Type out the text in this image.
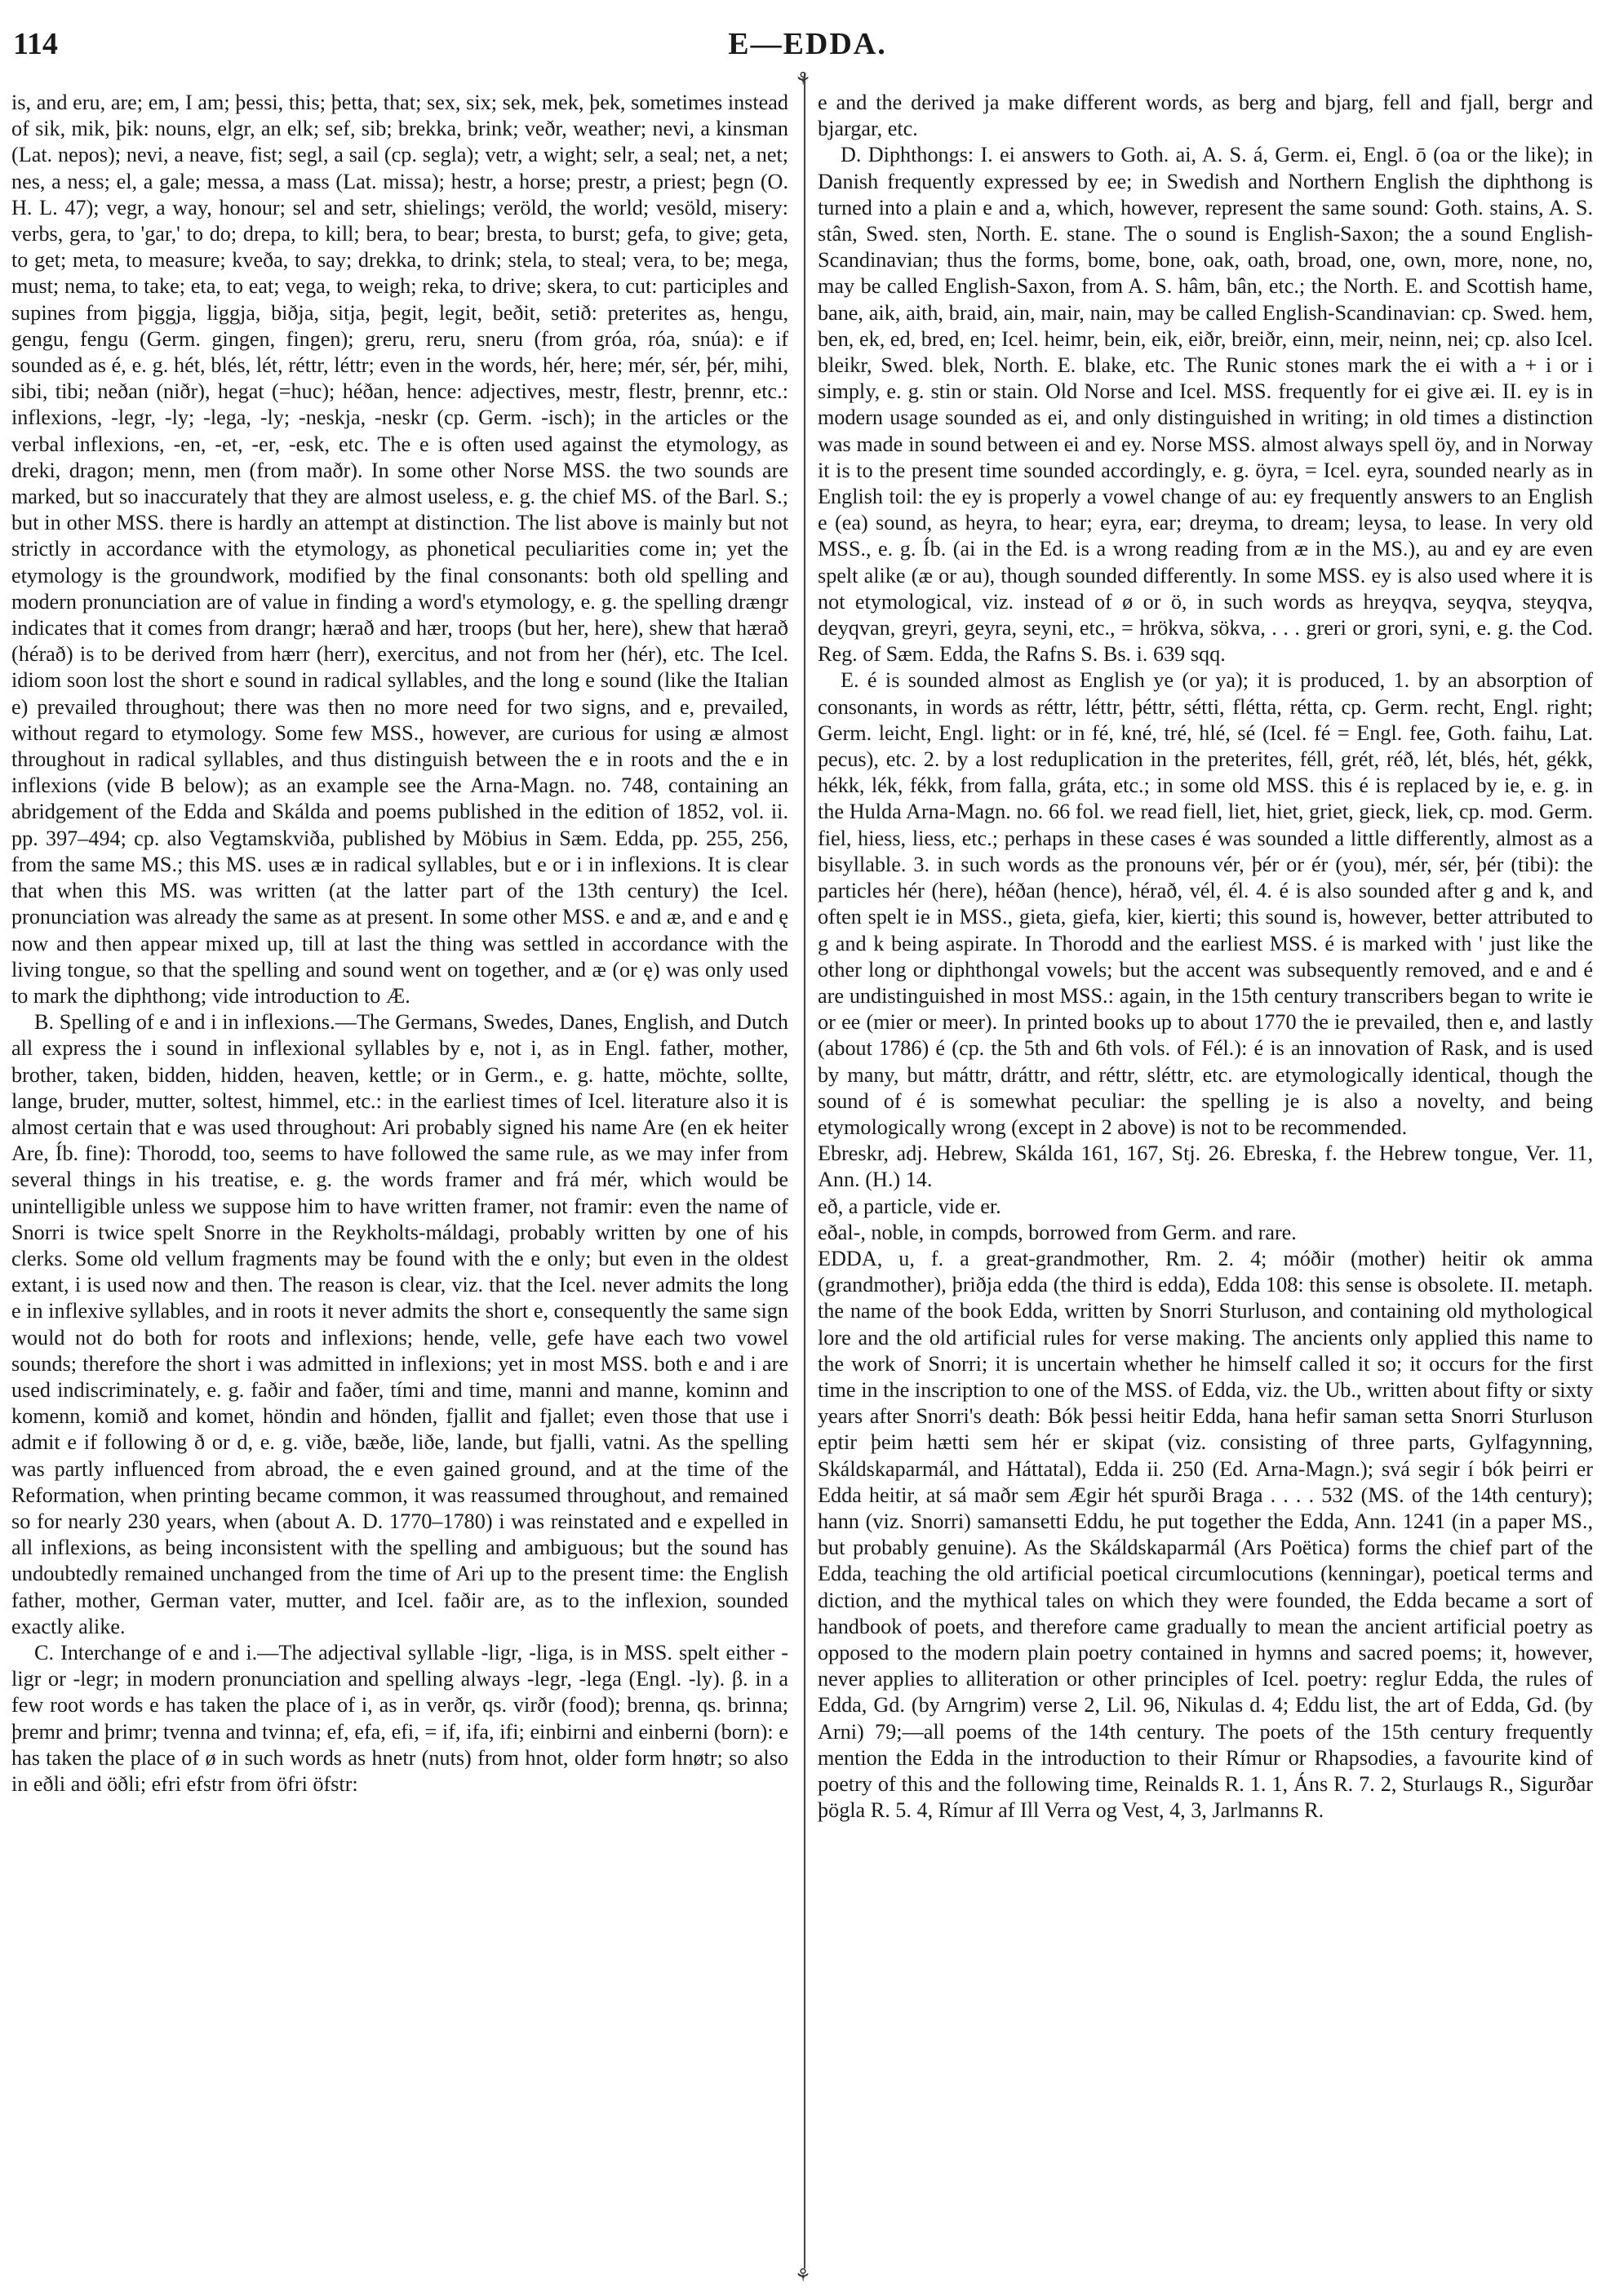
114	E—EDDA.
⚘
⚘

is, and eru, are; em, I am; þessi, this; þetta, that; sex, six; sek, mek, þek, sometimes instead of sik, mik, þik: nouns, elgr, an elk; sef, sib; brekka, brink; veðr, weather; nevi, a kinsman (Lat. nepos); nevi, a neave, fist; segl, a sail (cp. segla); vetr, a wight; selr, a seal; net, a net; nes, a ness; el, a gale; messa, a mass (Lat. missa); hestr, a horse; prestr, a priest; þegn (O. H. L. 47); vegr, a way, honour; sel and setr, shielings; veröld, the world; vesöld, misery: verbs, gera, to 'gar,' to do; drepa, to kill; bera, to bear; bresta, to burst; gefa, to give; geta, to get; meta, to measure; kveða, to say; drekka, to drink; stela, to steal; vera, to be; mega, must; nema, to take; eta, to eat; vega, to weigh; reka, to drive; skera, to cut: participles and supines from þiggja, liggja, biðja, sitja, þegit, legit, beðit, setið: preterites as, hengu, gengu, fengu (Germ. gingen, fingen); greru, reru, sneru (from gróa, róa, snúa): e if sounded as é, e. g. hét, blés, lét, réttr, léttr; even in the words, hér, here; mér, sér, þér, mihi, sibi, tibi; neðan (niðr), hegat (=huc); héðan, hence: adjectives, mestr, flestr, þrennr, etc.: inflexions, -legr, -ly; -lega, -ly; -neskja, -neskr (cp. Germ. -isch); in the articles or the verbal inflexions, -en, -et, -er, -esk, etc. The e is often used against the etymology, as dreki, dragon; menn, men (from maðr). In some other Norse MSS. the two sounds are marked, but so inaccurately that they are almost useless, e. g. the chief MS. of the Barl. S.; but in other MSS. there is hardly an attempt at distinction. The list above is mainly but not strictly in accordance with the etymology, as phonetical peculiarities come in; yet the etymology is the groundwork, modified by the final consonants: both old spelling and modern pronunciation are of value in finding a word's etymology, e. g. the spelling drængr indicates that it comes from drangr; hærað and hær, troops (but her, here), shew that hærað (hérað) is to be derived from hærr (herr), exercitus, and not from her (hér), etc. The Icel. idiom soon lost the short e sound in radical syllables, and the long e sound (like the Italian e) prevailed throughout; there was then no more need for two signs, and e, prevailed, without regard to etymology. Some few MSS., however, are curious for using æ almost throughout in radical syllables, and thus distinguish between the e in roots and the e in inflexions (vide B below); as an example see the Arna-Magn. no. 748, containing an abridgement of the Edda and Skálda and poems published in the edition of 1852, vol. ii. pp. 397–494; cp. also Vegtamskviða, published by Möbius in Sæm. Edda, pp. 255, 256, from the same MS.; this MS. uses æ in radical syllables, but e or i in inflexions. It is clear that when this MS. was written (at the latter part of the 13th century) the Icel. pronunciation was already the same as at present. In some other MSS. e and æ, and e and ę now and then appear mixed up, till at last the thing was settled in accordance with the living tongue, so that the spelling and sound went on together, and æ (or ę) was only used to mark the diphthong; vide introduction to Æ.

B. Spelling of e and i in inflexions.—The Germans, Swedes, Danes, English, and Dutch all express the i sound in inflexional syllables by e, not i, as in Engl. father, mother, brother, taken, bidden, hidden, heaven, kettle; or in Germ., e. g. hatte, möchte, sollte, lange, bruder, mutter, soltest, himmel, etc.: in the earliest times of Icel. literature also it is almost certain that e was used throughout: Ari probably signed his name Are (en ek heiter Are, Íb. fine): Thorodd, too, seems to have followed the same rule, as we may infer from several things in his treatise, e. g. the words framer and frá mér, which would be unintelligible unless we suppose him to have written framer, not framir: even the name of Snorri is twice spelt Snorre in the Reykholts-máldagi, probably written by one of his clerks. Some old vellum fragments may be found with the e only; but even in the oldest extant, i is used now and then. The reason is clear, viz. that the Icel. never admits the long e in inflexive syllables, and in roots it never admits the short e, consequently the same sign would not do both for roots and inflexions; hende, velle, gefe have each two vowel sounds; therefore the short i was admitted in inflexions; yet in most MSS. both e and i are used indiscriminately, e. g. faðir and faðer, tími and time, manni and manne, kominn and komenn, komið and komet, höndin and hönden, fjallit and fjallet; even those that use i admit e if following ð or d, e. g. viðe, bæðe, liðe, lande, but fjalli, vatni. As the spelling was partly influenced from abroad, the e even gained ground, and at the time of the Reformation, when printing became common, it was reassumed throughout, and remained so for nearly 230 years, when (about A. D. 1770–1780) i was reinstated and e expelled in all inflexions, as being inconsistent with the spelling and ambiguous; but the sound has undoubtedly remained unchanged from the time of Ari up to the present time: the English father, mother, German vater, mutter, and Icel. faðir are, as to the inflexion, sounded exactly alike.

C. Interchange of e and i.—The adjectival syllable -ligr, -liga, is in MSS. spelt either -ligr or -legr; in modern pronunciation and spelling always -legr, -lega (Engl. -ly). β. in a few root words e has taken the place of i, as in verðr, qs. virðr (food); brenna, qs. brinna; þremr and þrimr; tvenna and tvinna; ef, efa, efi, = if, ifa, ifi; einbirni and einberni (born): e has taken the place of ø in such words as hnetr (nuts) from hnot, older form hnøtr; so also in eðli and öðli; efri efstr from öfri öfstr:

e and the derived ja make different words, as berg and bjarg, fell and fjall, bergr and bjargar, etc.

D. Diphthongs: I. ei answers to Goth. ai, A. S. á, Germ. ei, Engl. ō (oa or the like); in Danish frequently expressed by ee; in Swedish and Northern English the diphthong is turned into a plain e and a, which, however, represent the same sound: Goth. stains, A. S. stân, Swed. sten, North. E. stane. The o sound is English-Saxon; the a sound English-Scandinavian; thus the forms, bome, bone, oak, oath, broad, one, own, more, none, no, may be called English-Saxon, from A. S. hâm, bân, etc.; the North. E. and Scottish hame, bane, aik, aith, braid, ain, mair, nain, may be called English-Scandinavian: cp. Swed. hem, ben, ek, ed, bred, en; Icel. heimr, bein, eik, eiðr, breiðr, einn, meir, neinn, nei; cp. also Icel. bleikr, Swed. blek, North. E. blake, etc. The Runic stones mark the ei with a + i or i simply, e. g. stin or stain. Old Norse and Icel. MSS. frequently for ei give æi. II. ey is in modern usage sounded as ei, and only distinguished in writing; in old times a distinction was made in sound between ei and ey. Norse MSS. almost always spell öy, and in Norway it is to the present time sounded accordingly, e. g. öyra, = Icel. eyra, sounded nearly as in English toil: the ey is properly a vowel change of au: ey frequently answers to an English e (ea) sound, as heyra, to hear; eyra, ear; dreyma, to dream; leysa, to lease. In very old MSS., e. g. Íb. (ai in the Ed. is a wrong reading from æ in the MS.), au and ey are even spelt alike (æ or au), though sounded differently. In some MSS. ey is also used where it is not etymological, viz. instead of ø or ö, in such words as hreyqva, seyqva, steyqva, deyqvan, greyri, geyra, seyni, etc., = hrökva, sökva, . . . greri or grori, syni, e. g. the Cod. Reg. of Sæm. Edda, the Rafns S. Bs. i. 639 sqq.

E. é is sounded almost as English ye (or ya); it is produced, 1. by an absorption of consonants, in words as réttr, léttr, þéttr, sétti, flétta, rétta, cp. Germ. recht, Engl. right; Germ. leicht, Engl. light: or in fé, kné, tré, hlé, sé (Icel. fé = Engl. fee, Goth. faihu, Lat. pecus), etc. 2. by a lost reduplication in the preterites, féll, grét, réð, lét, blés, hét, gékk, hékk, lék, fékk, from falla, gráta, etc.; in some old MSS. this é is replaced by ie, e. g. in the Hulda Arna-Magn. no. 66 fol. we read fiell, liet, hiet, griet, gieck, liek, cp. mod. Germ. fiel, hiess, liess, etc.; perhaps in these cases é was sounded a little differently, almost as a bisyllable. 3. in such words as the pronouns vér, þér or ér (you), mér, sér, þér (tibi): the particles hér (here), héðan (hence), hérað, vél, él. 4. é is also sounded after g and k, and often spelt ie in MSS., gieta, giefa, kier, kierti; this sound is, however, better attributed to g and k being aspirate. In Thorodd and the earliest MSS. é is marked with ' just like the other long or diphthongal vowels; but the accent was subsequently removed, and e and é are undistinguished in most MSS.: again, in the 15th century transcribers began to write ie or ee (mier or meer). In printed books up to about 1770 the ie prevailed, then e, and lastly (about 1786) é (cp. the 5th and 6th vols. of Fél.): é is an innovation of Rask, and is used by many, but máttr, dráttr, and réttr, sléttr, etc. are etymologically identical, though the sound of é is somewhat peculiar: the spelling je is also a novelty, and being etymologically wrong (except in 2 above) is not to be recommended.

Ebreskr, adj. Hebrew, Skálda 161, 167, Stj. 26. Ebreska, f. the Hebrew tongue, Ver. 11, Ann. (H.) 14.

eð, a particle, vide er.

eðal-, noble, in compds, borrowed from Germ. and rare.

EDDA, u, f. a great-grandmother, Rm. 2. 4; móðir (mother) heitir ok amma (grandmother), þriðja edda (the third is edda), Edda 108: this sense is obsolete. II. metaph. the name of the book Edda, written by Snorri Sturluson, and containing old mythological lore and the old artificial rules for verse making. The ancients only applied this name to the work of Snorri; it is uncertain whether he himself called it so; it occurs for the first time in the inscription to one of the MSS. of Edda, viz. the Ub., written about fifty or sixty years after Snorri's death: Bók þessi heitir Edda, hana hefir saman setta Snorri Sturluson eptir þeim hætti sem hér er skipat (viz. consisting of three parts, Gylfagynning, Skáldskaparmál, and Háttatal), Edda ii. 250 (Ed. Arna-Magn.); svá segir í bók þeirri er Edda heitir, at sá maðr sem Ægir hét spurði Braga . . . . 532 (MS. of the 14th century); hann (viz. Snorri) samansetti Eddu, he put together the Edda, Ann. 1241 (in a paper MS., but probably genuine). As the Skáldskaparmál (Ars Poëtica) forms the chief part of the Edda, teaching the old artificial poetical circumlocutions (kenningar), poetical terms and diction, and the mythical tales on which they were founded, the Edda became a sort of handbook of poets, and therefore came gradually to mean the ancient artificial poetry as opposed to the modern plain poetry contained in hymns and sacred poems; it, however, never applies to alliteration or other principles of Icel. poetry: reglur Edda, the rules of Edda, Gd. (by Arngrim) verse 2, Lil. 96, Nikulas d. 4; Eddu list, the art of Edda, Gd. (by Arni) 79;—all poems of the 14th century. The poets of the 15th century frequently mention the Edda in the introduction to their Rímur or Rhapsodies, a favourite kind of poetry of this and the following time, Reinalds R. 1. 1, Áns R. 7. 2, Sturlaugs R., Sigurðar þögla R. 5. 4, Rímur af Ill Verra og Vest, 4, 3, Jarlmanns R.
